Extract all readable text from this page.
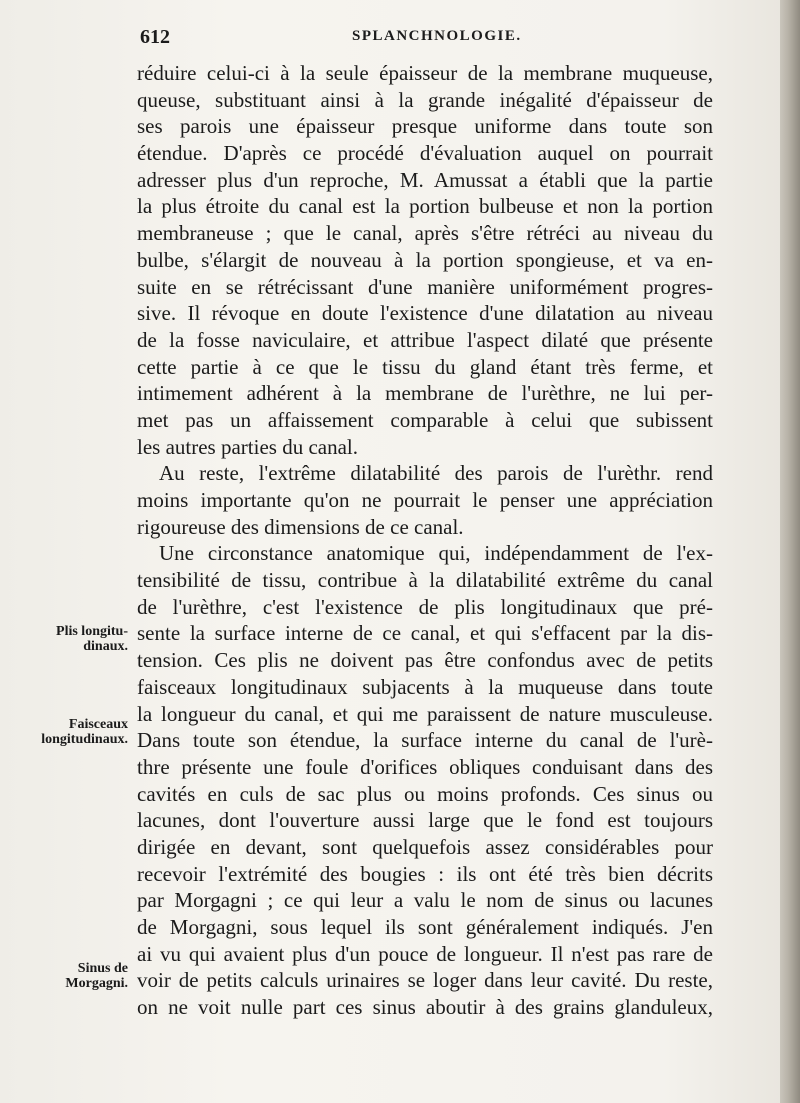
612	SPLANCHNOLOGIE.
Plis longitu- dinaux.
Faisceaux longitudinaux.
Sinus de Morgagni.
réduire celui-ci à la seule épaisseur de la membrane muqueuse,
queuse, substituant ainsi à la grande inégalité d'épaisseur de
ses parois une épaisseur presque uniforme dans toute son
étendue. D'après ce procédé d'évaluation auquel on pourrait
adresser plus d'un reproche, M. Amussat a établi que la partie
la plus étroite du canal est la portion bulbeuse et non la portion
membraneuse ; que le canal, après s'être rétréci au niveau du
bulbe, s'élargit de nouveau à la portion spongieuse, et va en-
suite en se rétrécissant d'une manière uniformément progres-
sive. Il révoque en doute l'existence d'une dilatation au niveau
de la fosse naviculaire, et attribue l'aspect dilaté que présente
cette partie à ce que le tissu du gland étant très ferme, et
intimement adhérent à la membrane de l'urèthre, ne lui per-
met pas un affaissement comparable à celui que subissent
les autres parties du canal.
Au reste, l'extrême dilatabilité des parois de l'urèthr. rend
moins importante qu'on ne pourrait le penser une appréciation
rigoureuse des dimensions de ce canal.
Une circonstance anatomique qui, indépendamment de l'ex-
tensibilité de tissu, contribue à la dilatabilité extrême du canal
de l'urèthre, c'est l'existence de plis longitudinaux que pré-
sente la surface interne de ce canal, et qui s'effacent par la dis-
tension. Ces plis ne doivent pas être confondus avec de petits
faisceaux longitudinaux subjacents à la muqueuse dans toute
la longueur du canal, et qui me paraissent de nature musculeuse.
Dans toute son étendue, la surface interne du canal de l'urè-
thre présente une foule d'orifices obliques conduisant dans des
cavités en culs de sac plus ou moins profonds. Ces sinus ou
lacunes, dont l'ouverture aussi large que le fond est toujours
dirigée en devant, sont quelquefois assez considérables pour
recevoir l'extrémité des bougies : ils ont été très bien décrits
par Morgagni ; ce qui leur a valu le nom de sinus ou lacunes
de Morgagni, sous lequel ils sont généralement indiqués. J'en
ai vu qui avaient plus d'un pouce de longueur. Il n'est pas rare de
voir de petits calculs urinaires se loger dans leur cavité. Du reste,
on ne voit nulle part ces sinus aboutir à des grains glanduleux,
